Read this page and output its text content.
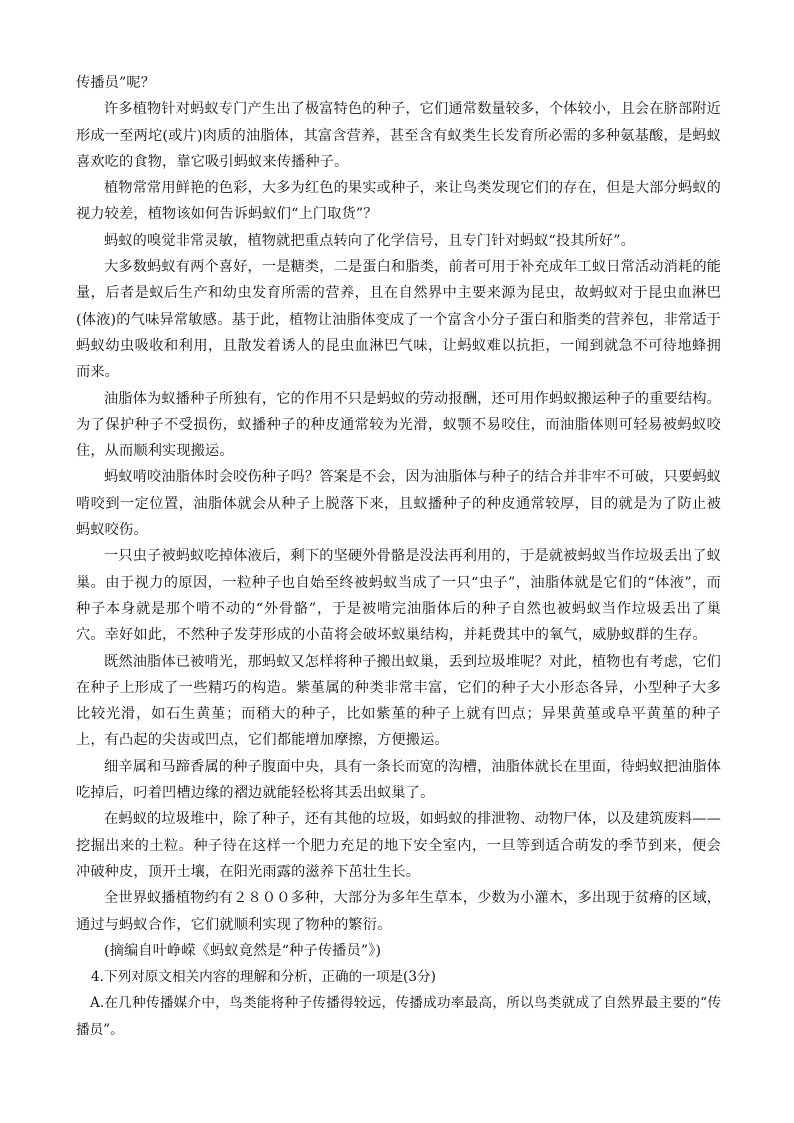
传播员”呢？

许多植物针对蚂蚁专门产生出了极富特色的种子，它们通常数量较多，个体较小，且会在脐部附近形成一至两坨(或片)肉质的油脂体，其富含营养，甚至含有蚁类生长发育所必需的多种氨基酸，是蚂蚁喜欢吃的食物，靠它吸引蚂蚁来传播种子。

植物常常用鲜艳的色彩，大多为红色的果实或种子，来让鸟类发现它们的存在，但是大部分蚂蚁的视力较差，植物该如何告诉蚂蚁们“上门取货”？

蚂蚁的嗅觉非常灵敏，植物就把重点转向了化学信号，且专门针对蚂蚁“投其所好”。

大多数蚂蚁有两个喜好，一是糖类，二是蛋白和脂类，前者可用于补充成年工蚁日常活动消耗的能量，后者是蚁后生产和幼虫发育所需的营养，且在自然界中主要来源为昆虫，故蚂蚁对于昆虫血淋巴(体液)的气味异常敏感。基于此，植物让油脂体变成了一个富含小分子蛋白和脂类的营养包，非常适于蚂蚁幼虫吸收和利用，且散发着诱人的昆虫血淋巴气味，让蚂蚁难以抗拒，一闻到就急不可待地蜂拥而来。

油脂体为蚁播种子所独有，它的作用不只是蚂蚁的劳动报酬，还可用作蚂蚁搬运种子的重要结构。为了保护种子不受损伤，蚁播种子的种皮通常较为光滑，蚁颚不易咬住，而油脂体则可轻易被蚂蚁咬住，从而顺利实现搬运。

蚂蚁啃咬油脂体时会咬伤种子吗？答案是不会，因为油脂体与种子的结合并非牢不可破，只要蚂蚁啃咬到一定位置，油脂体就会从种子上脱落下来，且蚁播种子的种皮通常较厚，目的就是为了防止被蚂蚁咬伤。

一只虫子被蚂蚁吃掉体液后，剩下的坚硬外骨骼是没法再利用的，于是就被蚂蚁当作垃圾丢出了蚁巢。由于视力的原因，一粒种子也自始至终被蚂蚁当成了一只“虫子”，油脂体就是它们的“体液”，而种子本身就是那个啃不动的“外骨骼”，于是被啃完油脂体后的种子自然也被蚂蚁当作垃圾丢出了巢穴。幸好如此，不然种子发芽形成的小苗将会破坏蚁巢结构，并耗费其中的氧气，威胁蚁群的生存。

既然油脂体已被啃光，那蚂蚁又怎样将种子搬出蚁巢，丢到垃圾堆呢？对此，植物也有考虑，它们在种子上形成了一些精巧的构造。紫堇属的种类非常丰富，它们的种子大小形态各异，小型种子大多比较光滑，如石生黄堇；而稍大的种子，比如紫堇的种子上就有凹点；异果黄堇或阜平黄堇的种子上，有凸起的尖齿或凹点，它们都能增加摩擦，方便搬运。

细辛属和马蹄香属的种子腹面中央，具有一条长而宽的沟槽，油脂体就长在里面，待蚂蚁把油脂体吃掉后，叼着凹槽边缘的褶边就能轻松将其丢出蚁巢了。

在蚂蚁的垃圾堆中，除了种子，还有其他的垃圾，如蚂蚁的排泄物、动物尸体，以及建筑废料——挖掘出来的土粒。种子待在这样一个肥力充足的地下安全室内，一旦等到适合萌发的季节到来，便会冲破种皮，顶开土壤，在阳光雨露的滋养下茁壮生长。

全世界蚁播植物约有２８００多种，大部分为多年生草本，少数为小灌木，多出现于贫瘠的区域，通过与蚂蚁合作，它们就顺利实现了物种的繁衍。

(摘编自叶峥嵘《蚂蚁竟然是“种子传播员”》)

4.下列对原文相关内容的理解和分析，正确的一项是(3分)

A.在几种传播媒介中，鸟类能将种子传播得较远，传播成功率最高，所以鸟类就成了自然界最主要的“传播员”。
